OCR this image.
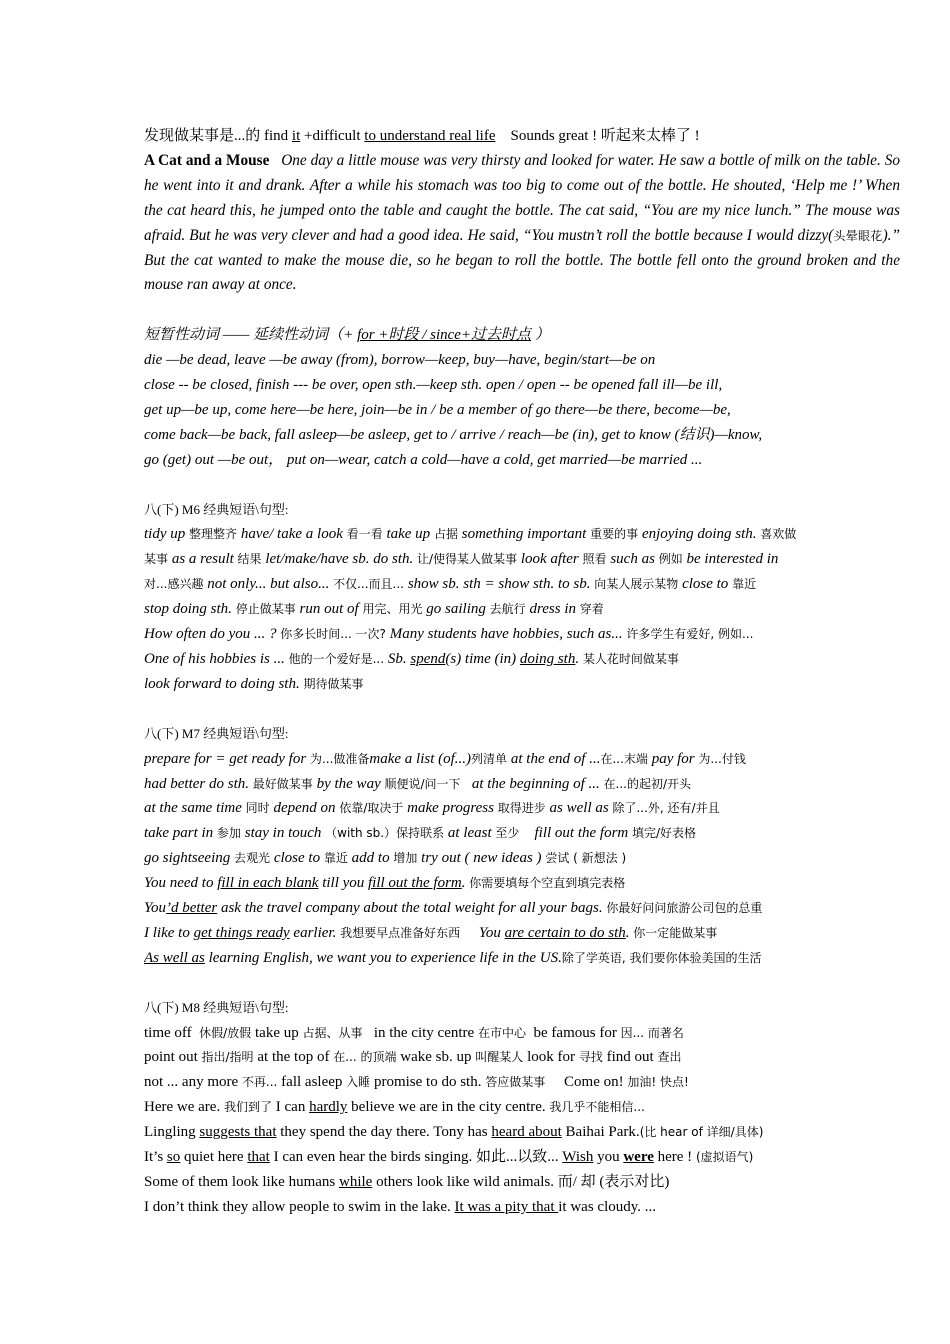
发现做某事是...的 find it +difficult to understand real life Sounds great ! 听起来太棒了 !
A Cat and a Mouse One day a little mouse was very thirsty and looked for water. He saw a bottle of milk on the table. So he went into it and drank. After a while his stomach was too big to come out of the bottle. He shouted, ‘Help me !’ When the cat heard this, he jumped onto the table and caught the bottle. The cat said, “You are my nice lunch.” The mouse was afraid. But he was very clever and had a good idea. He said, “You mustn’t roll the bottle because I would dizzy(头晕眼花).” But the cat wanted to make the mouse die, so he began to roll the bottle. The bottle fell onto the ground broken and the mouse ran away at once.
短暂性动词 —— 延续性动词（+ for +时段 / since+过去时点 ）
die —be dead, leave —be away (from), borrow—keep, buy—have, begin/start—be on
close -- be closed, finish --- be over, open sth.—keep sth. open / open -- be opened fall ill—be ill,
get up—be up, come here—be here, join—be in / be a member of go there—be there, become—be,
come back—be back, fall asleep—be asleep, get to / arrive / reach—be (in), get to know (结识)—know,
go (get) out —be out， put on—wear, catch a cold—have a cold, get married—be married ...
八(下) M6 经典短语\句型:
tidy up 整理整齐 have/ take a look 看一看 take up 占据 something important 重要的事 enjoying doing sth. 喜欢做
某事 as a result 结果 let/make/have sb. do sth. 让/使得某人做某事 look after 照看 such as 例如 be interested in
对...感兴趣 not only... but also... 不仅...而且... show sb. sth = show sth. to sb. 向某人展示某物 close to 靠近
stop doing sth. 停止做某事 run out of 用完、用光 go sailing 去航行 dress in 穿着
How often do you ... ? 你多长时间... 一次? Many students have hobbies, such as... 许多学生有爱好, 例如...
One of his hobbies is ... 他的一个爱好是... Sb. spend(s) time (in) doing sth. 某人花时间做某事
look forward to doing sth. 期待做某事
八(下) M7 经典短语\句型:
prepare for = get ready for 为...做准备make a list (of...)列清单 at the end of ...在...末端 pay for 为...付钱
had better do sth. 最好做某事 by the way 顺便说/问一下   at the beginning of ... 在...的起初/开头
at the same time 同时 depend on 依靠/取决于 make progress 取得进步 as well as 除了...外, 还有/并且
take part in 参加 stay in touch （with sb.）保持联系 at least 至少    fill out the form 填完/好表格
go sightseeing 去观光 close to 靠近 add to 增加 try out ( new ideas ) 尝试 ( 新想法 )
You need to fill in each blank till you fill out the form. 你需要填每个空直到填完表格
You’d better ask the travel company about the total weight for all your bags. 你最好问问旅游公司包的总重
I like to get things ready earlier. 我想要早点准备好东西     You are certain to do sth. 你一定能做某事
As well as learning English, we want you to experience life in the US.除了学英语, 我们要你体验美国的生活
八(下) M8 经典短语\句型:
time off  休假/放假 take up 占据、从事   in the city centre 在市中心  be famous for 因... 而著名
point out 指出/指明 at the top of 在... 的顶端 wake sb. up 叫醒某人 look for 寻找 find out 查出
not ... any more 不再... fall asleep 入睡 promise to do sth. 答应做某事     Come on! 加油! 快点!
Here we are. 我们到了 I can hardly believe we are in the city centre. 我几乎不能相信...
Lingling suggests that they spend the day there. Tony has heard about Baihai Park.(比 hear of 详细/具体)
It’s so quiet here that I can even hear the birds singing. 如此...以致... Wish you were here ! (虚拟语气)
Some of them look like humans while others look like wild animals. 而/ 却 (表示对比)
I don’t think they allow people to swim in the lake. It was a pity that it was cloudy. ...
